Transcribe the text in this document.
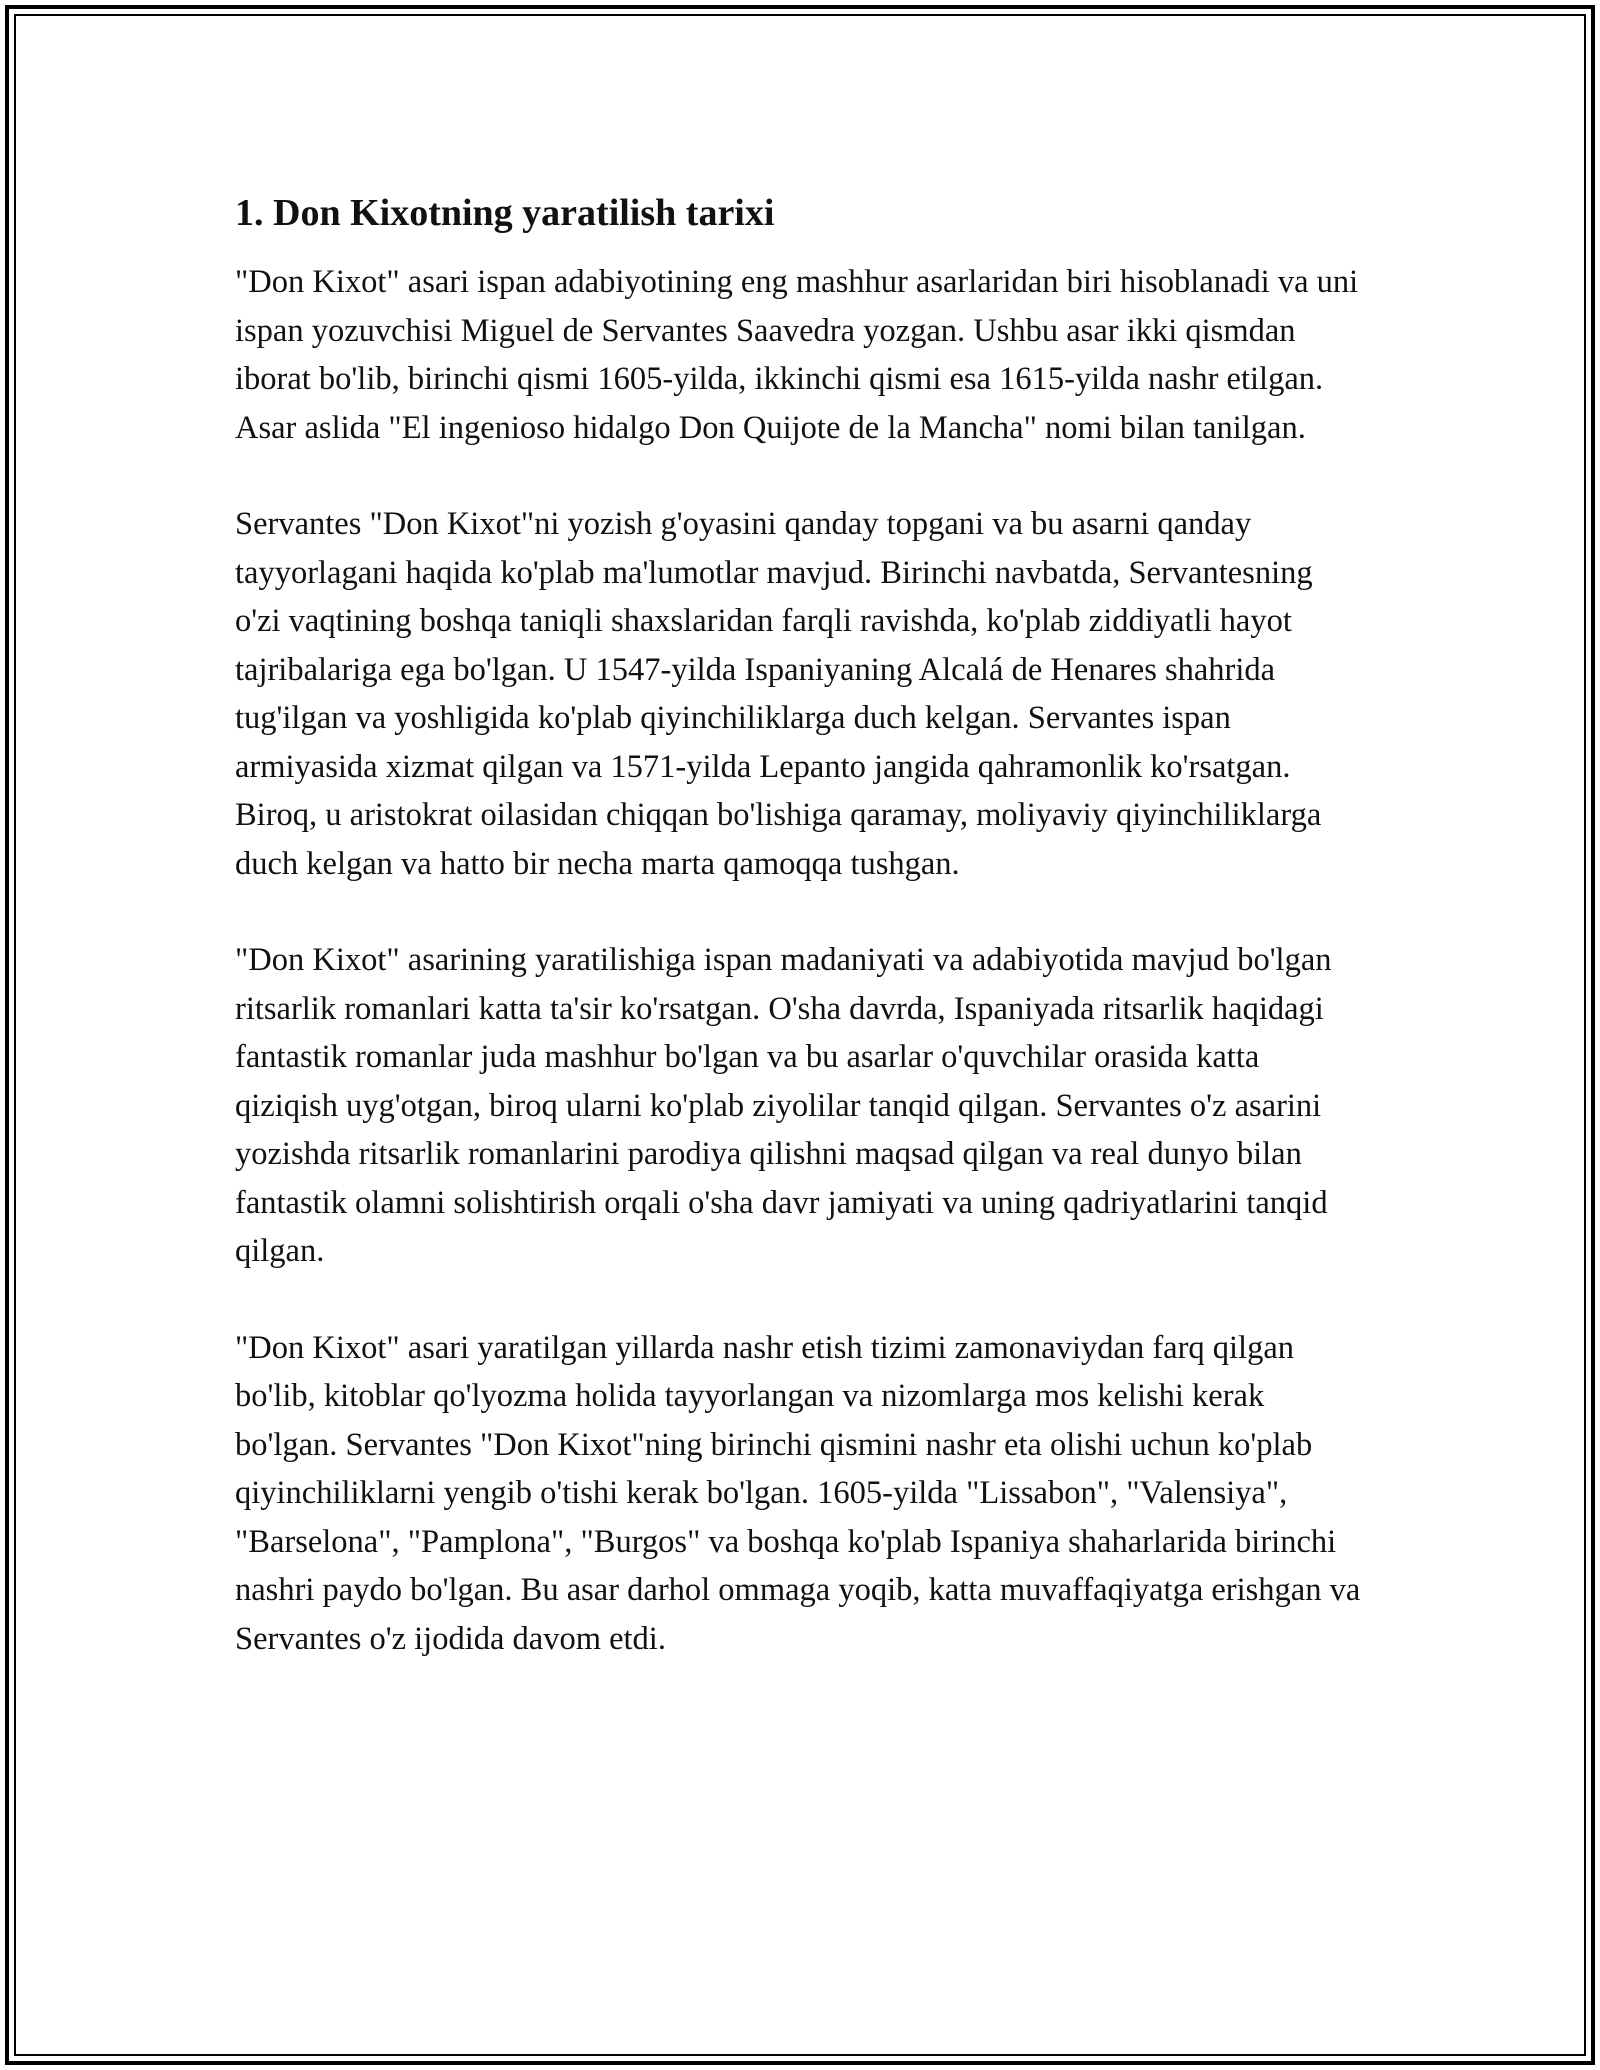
1. Don Kixotning yaratilish tarixi

"Don Kixot" asari ispan adabiyotining eng mashhur asarlaridan biri hisoblanadi va uni ispan yozuvchisi Miguel de Servantes Saavedra yozgan. Ushbu asar ikki qismdan iborat bo'lib, birinchi qismi 1605-yilda, ikkinchi qismi esa 1615-yilda nashr etilgan. Asar aslida "El ingenioso hidalgo Don Quijote de la Mancha" nomi bilan tanilgan.

Servantes "Don Kixot"ni yozish g'oyasini qanday topgani va bu asarni qanday tayyorlagani haqida ko'plab ma'lumotlar mavjud. Birinchi navbatda, Servantesning o'zi vaqtining boshqa taniqli shaxslaridan farqli ravishda, ko'plab ziddiyatli hayot tajribalariga ega bo'lgan. U 1547-yilda Ispaniyaning Alcalá de Henares shahrida tug'ilgan va yoshligida ko'plab qiyinchiliklarga duch kelgan. Servantes ispan armiyasida xizmat qilgan va 1571-yilda Lepanto jangida qahramonlik ko'rsatgan. Biroq, u aristokrat oilasidan chiqqan bo'lishiga qaramay, moliyaviy qiyinchiliklarga duch kelgan va hatto bir necha marta qamoqqa tushgan.

"Don Kixot" asarining yaratilishiga ispan madaniyati va adabiyotida mavjud bo'lgan ritsarlik romanlari katta ta'sir ko'rsatgan. O'sha davrda, Ispaniyada ritsarlik haqidagi fantastik romanlar juda mashhur bo'lgan va bu asarlar o'quvchilar orasida katta qiziqish uyg'otgan, biroq ularni ko'plab ziyolilar tanqid qilgan. Servantes o'z asarini yozishda ritsarlik romanlarini parodiya qilishni maqsad qilgan va real dunyo bilan fantastik olamni solishtirish orqali o'sha davr jamiyati va uning qadriyatlarini tanqid qilgan.

"Don Kixot" asari yaratilgan yillarda nashr etish tizimi zamonaviydan farq qilgan bo'lib, kitoblar qo'lyozma holida tayyorlangan va nizomlarga mos kelishi kerak bo'lgan. Servantes "Don Kixot"ning birinchi qismini nashr eta olishi uchun ko'plab qiyinchiliklarni yengib o'tishi kerak bo'lgan. 1605-yilda "Lissabon", "Valensiya", "Barselona", "Pamplona", "Burgos" va boshqa ko'plab Ispaniya shaharlarida birinchi nashri paydo bo'lgan. Bu asar darhol ommaga yoqib, katta muvaffaqiyatga erishgan va Servantes o'z ijodida davom etdi.
